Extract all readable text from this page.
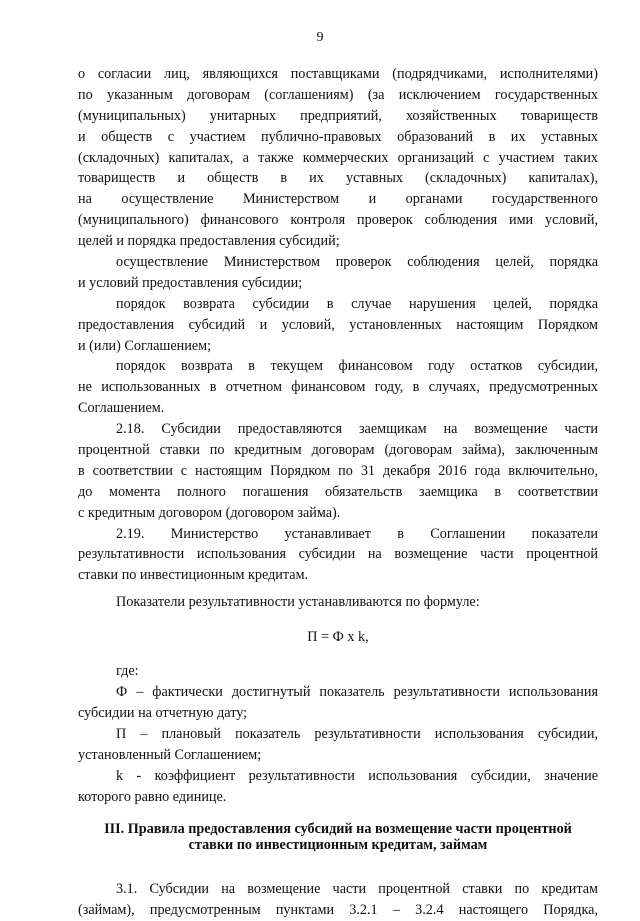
9
о согласии лиц, являющихся поставщиками (подрядчиками, исполнителями)
по указанным договорам (соглашениям) (за исключением государственных
(муниципальных) унитарных предприятий, хозяйственных товариществ
и обществ с участием публично-правовых образований в их уставных
(складочных) капиталах, а также коммерческих организаций с участием таких
товариществ и обществ в их уставных (складочных) капиталах),
на осуществление Министерством и органами государственного
(муниципального) финансового контроля проверок соблюдения ими условий,
целей и порядка предоставления субсидий;
осуществление Министерством проверок соблюдения целей, порядка
и условий предоставления субсидии;
порядок возврата субсидии в случае нарушения целей, порядка
предоставления субсидий и условий, установленных настоящим Порядком
и (или) Соглашением;
порядок возврата в текущем финансовом году остатков субсидии,
не использованных в отчетном финансовом году, в случаях, предусмотренных
Соглашением.
2.18. Субсидии предоставляются заемщикам на возмещение части
процентной ставки по кредитным договорам (договорам займа), заключенным
в соответствии с настоящим Порядком по 31 декабря 2016 года включительно,
до момента полного погашения обязательств заемщика в соответствии
с кредитным договором (договором займа).
2.19. Министерство устанавливает в Соглашении показатели
результативности использования субсидии на возмещение части процентной
ставки по инвестиционным кредитам.
Показатели результативности устанавливаются по формуле:
П = Ф x k,
где:
Ф – фактически достигнутый показатель результативности использования
субсидии на отчетную дату;
П – плановый показатель результативности использования субсидии,
установленный Соглашением;
k - коэффициент результативности использования субсидии, значение
которого равно единице.
III. Правила предоставления субсидий на возмещение части процентной
ставки по инвестиционным кредитам, займам
3.1. Субсидии на возмещение части процентной ставки по кредитам
(займам), предусмотренным пунктами 3.2.1 – 3.2.4 настоящего Порядка,
